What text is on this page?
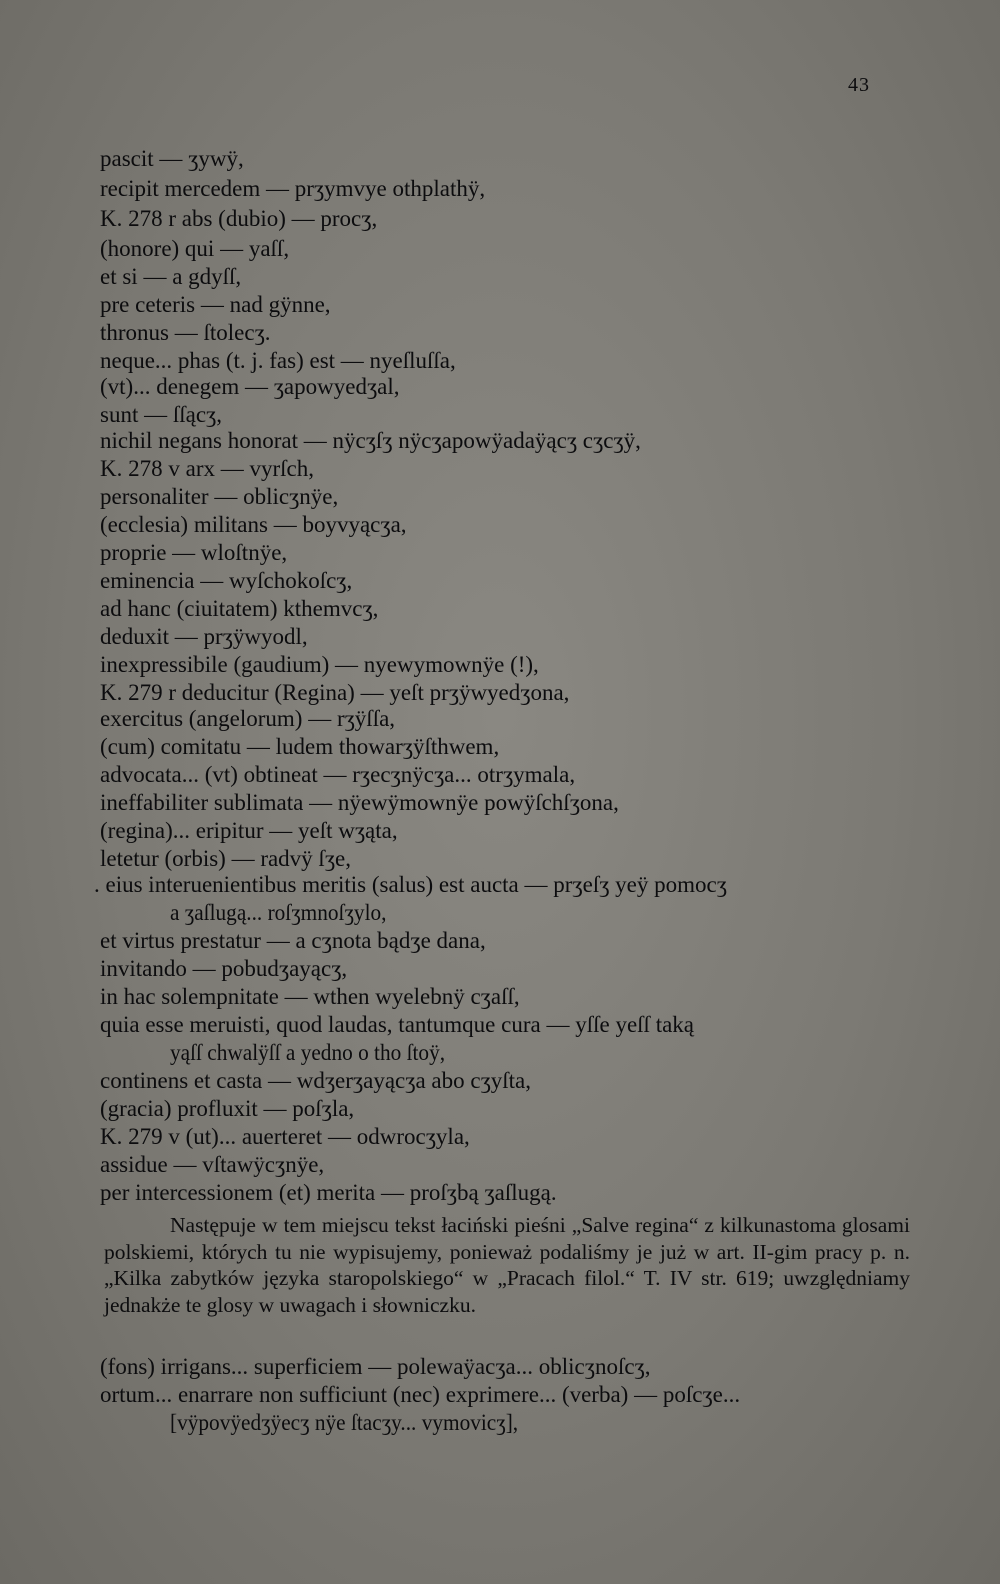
43
pascit — ʒywÿ,
recipit mercedem — prʒymvye othplathÿ,
K. 278 r abs (dubio) — procʒ,
(honore) qui — yaſſ,
et si — a gdyſſ,
pre ceteris — nad gÿnne,
thronus — ſtolecʒ.
neque... phas (t. j. fas) est — nyeſluſſa,
(vt)... denegem — ʒapowyedʒal,
sunt — ſſącʒ,
nichil negans honorat — nÿcʒſʒ nÿcʒapowÿadaÿącʒ cʒcʒÿ,
K. 278 v arx — vyrſch,
personaliter — oblicʒnÿe,
(ecclesia) militans — boyvyącʒa,
proprie — wloſtnÿe,
eminencia — wyſchokoſcʒ,
ad hanc (ciuitatem) kthemvcʒ,
deduxit — prʒÿwyodl,
inexpressibile (gaudium) — nyewymownÿe (!),
K. 279 r deducitur (Regina) — yeſt prʒÿwyedʒona,
exercitus (angelorum) — rʒÿſſa,
(cum) comitatu — ludem thowarʒÿſthwem,
advocata... (vt) obtineat — rʒecʒnÿcʒa... otrʒymala,
ineffabiliter sublimata — nÿewÿmownÿe powÿſchſʒona,
(regina)... eripitur — yeſt wʒąta,
letetur (orbis) — radvÿ ſʒe,
. eius interuenientibus meritis (salus) est aucta — prʒeſʒ yeÿ pomocʒ
a ʒaſlugą... roſʒmnoſʒylo,
et virtus prestatur — a cʒnota bądʒe dana,
invitando — pobudʒayącʒ,
in hac solempnitate — wthen wyelebnÿ cʒaſſ,
quia esse meruisti, quod laudas, tantumque cura — yſſe yeſſ taką
yąſſ chwalÿſſ a yedno o tho ſtoÿ,
continens et casta — wdʒerʒayącʒa abo cʒyſta,
(gracia) profluxit — poſʒla,
K. 279 v (ut)... auerteret — odwrocʒyla,
assidue — vſtawÿcʒnÿe,
per intercessionem (et) merita — proſʒbą ʒaſlugą.
Następuje w tem miejscu tekst łaciński pieśni „Salve regina“ z kilkunastoma glosami polskiemi, których tu nie wypisujemy, ponieważ podaliśmy je już w art. II-gim pracy p. n. „Kilka zabytków języka staropolskiego“ w „Pracach filol.“ T. IV str. 619; uwzględniamy jednakże te glosy w uwagach i słowniczku.
(fons) irrigans... superficiem — polewaÿacʒa... oblicʒnoſcʒ,
ortum... enarrare non sufficiunt (nec) exprimere... (verba) — poſcʒe...
[vÿpovÿedʒÿecʒ nÿe ſtacʒy... vymovicʒ],
